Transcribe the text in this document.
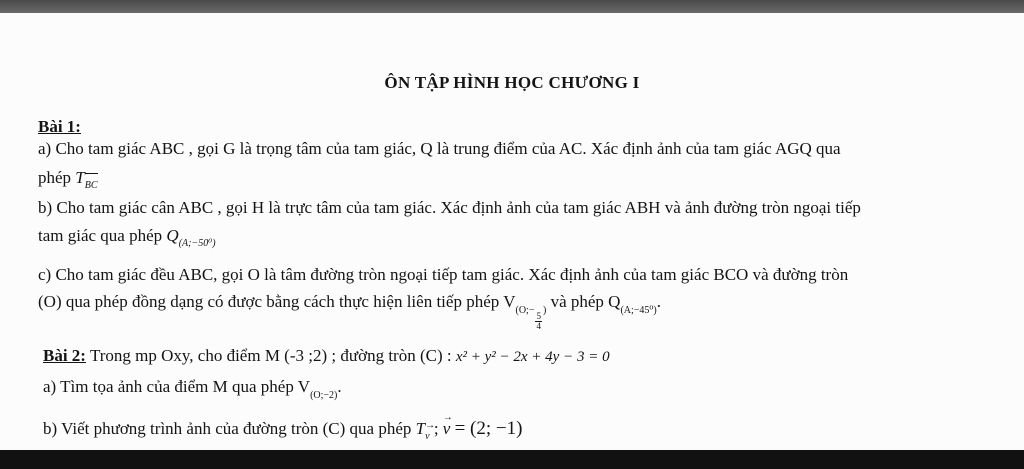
ÔN TẬP HÌNH HỌC CHƯƠNG I
Bài 1:
a) Cho tam giác ABC , gọi G là trọng tâm của tam giác, Q là trung điểm của AC. Xác định ảnh của tam giác AGQ qua
phép $T_{BC}$
b) Cho tam giác cân ABC , gọi H là trực tâm của tam giác. Xác định ảnh của tam giác ABH và ảnh đường tròn ngoại tiếp
tam giác qua phép $Q_{(A;-50^0)}$
c) Cho tam giác đều ABC, gọi O là tâm đường tròn ngoại tiếp tam giác. Xác định ảnh của tam giác BCO và đường tròn
(O) qua phép đồng dạng có được bằng cách thực hiện liên tiếp phép $V_{(O;- \frac{5}{4} )}$ và phép $Q_{(A;-45^0)}$.
Bài 2: Trong mp Oxy, cho điểm M (-3 ;2) ; đường tròn (C) : x² + y² − 2x + 4y − 3 = 0
a) Tìm tọa ảnh của điểm M qua phép $V_{(O;-2)}$.
b) Viết phương trình ảnh của đường tròn (C) qua phép T $_{\to v}$ ;
→
v = (2; −1)
